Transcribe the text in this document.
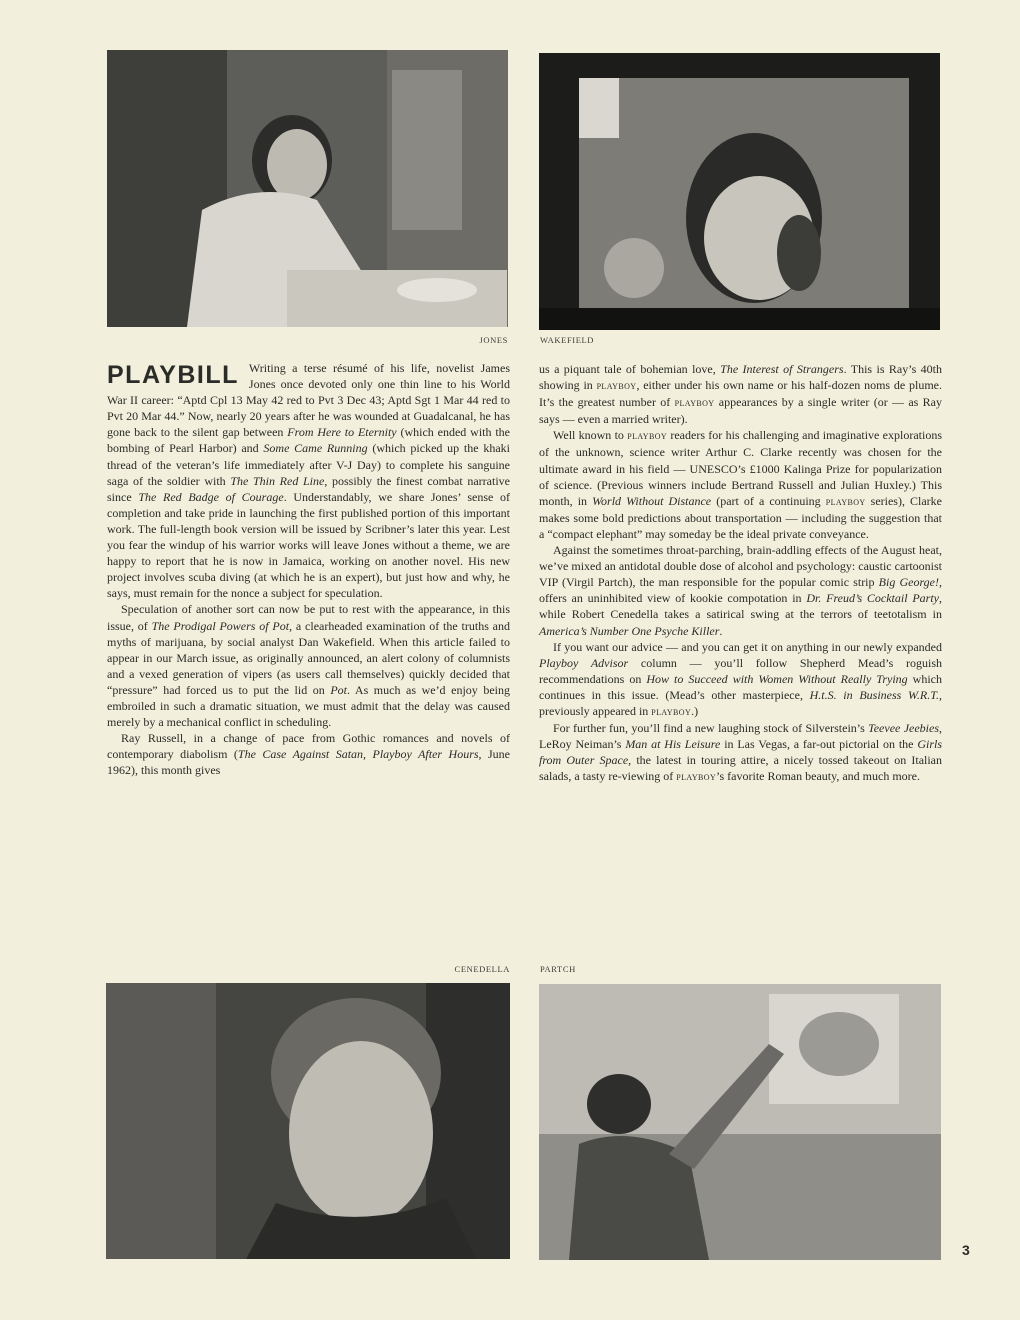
JONES	WAKEFIELD
CENEDELLA	PARTCH
PLAYBILL Writing a terse résumé of his life, novelist James Jones once devoted only one thin line to his World War II career: “Aptd Cpl 13 May 42 red to Pvt 3 Dec 43; Aptd Sgt 1 Mar 44 red to Pvt 20 Mar 44.” Now, nearly 20 years after he was wounded at Guadalcanal, he has gone back to the silent gap between From Here to Eternity (which ended with the bombing of Pearl Harbor) and Some Came Running (which picked up the khaki thread of the veteran’s life immediately after V-J Day) to complete his sanguine saga of the soldier with The Thin Red Line, possibly the finest combat narrative since The Red Badge of Courage. Understandably, we share Jones’ sense of completion and take pride in launching the first published portion of this important work. The full-length book version will be issued by Scribner’s later this year. Lest you fear the windup of his warrior works will leave Jones without a theme, we are happy to report that he is now in Jamaica, working on another novel. His new project involves scuba diving (at which he is an expert), but just how and why, he says, must remain for the nonce a subject for speculation.

Speculation of another sort can now be put to rest with the appearance, in this issue, of The Prodigal Powers of Pot, a clearheaded examination of the truths and myths of marijuana, by social analyst Dan Wakefield. When this article failed to appear in our March issue, as originally announced, an alert colony of columnists and a vexed generation of vipers (as users call themselves) quickly decided that “pressure” had forced us to put the lid on Pot. As much as we’d enjoy being embroiled in such a dramatic situation, we must admit that the delay was caused merely by a mechanical conflict in scheduling.

Ray Russell, in a change of pace from Gothic romances and novels of contemporary diabolism (The Case Against Satan, Playboy After Hours, June 1962), this month gives

us a piquant tale of bohemian love, The Interest of Strangers. This is Ray’s 40th showing in playboy, either under his own name or his half-dozen noms de plume. It’s the greatest number of playboy appearances by a single writer (or — as Ray says — even a married writer).

Well known to playboy readers for his challenging and imaginative explorations of the unknown, science writer Arthur C. Clarke recently was chosen for the ultimate award in his field — UNESCO’s £1000 Kalinga Prize for popularization of science. (Previous winners include Bertrand Russell and Julian Huxley.) This month, in World Without Distance (part of a continuing playboy series), Clarke makes some bold predictions about transportation — including the suggestion that a “compact elephant” may someday be the ideal private conveyance.

Against the sometimes throat-parching, brain-addling effects of the August heat, we’ve mixed an antidotal double dose of alcohol and psychology: caustic cartoonist VIP (Virgil Partch), the man responsible for the popular comic strip Big George!, offers an uninhibited view of kookie compotation in Dr. Freud’s Cocktail Party, while Robert Cenedella takes a satirical swing at the terrors of teetotalism in America’s Number One Psyche Killer.

If you want our advice — and you can get it on anything in our newly expanded Playboy Advisor column — you’ll follow Shepherd Mead’s roguish recommendations on How to Succeed with Women Without Really Trying which continues in this issue. (Mead’s other masterpiece, H.t.S. in Business W.R.T., previously appeared in playboy.)

For further fun, you’ll find a new laughing stock of Silverstein’s Teevee Jeebies, LeRoy Neiman’s Man at His Leisure in Las Vegas, a far-out pictorial on the Girls from Outer Space, the latest in touring attire, a nicely tossed takeout on Italian salads, a tasty re-viewing of playboy’s favorite Roman beauty, and much more.

3
